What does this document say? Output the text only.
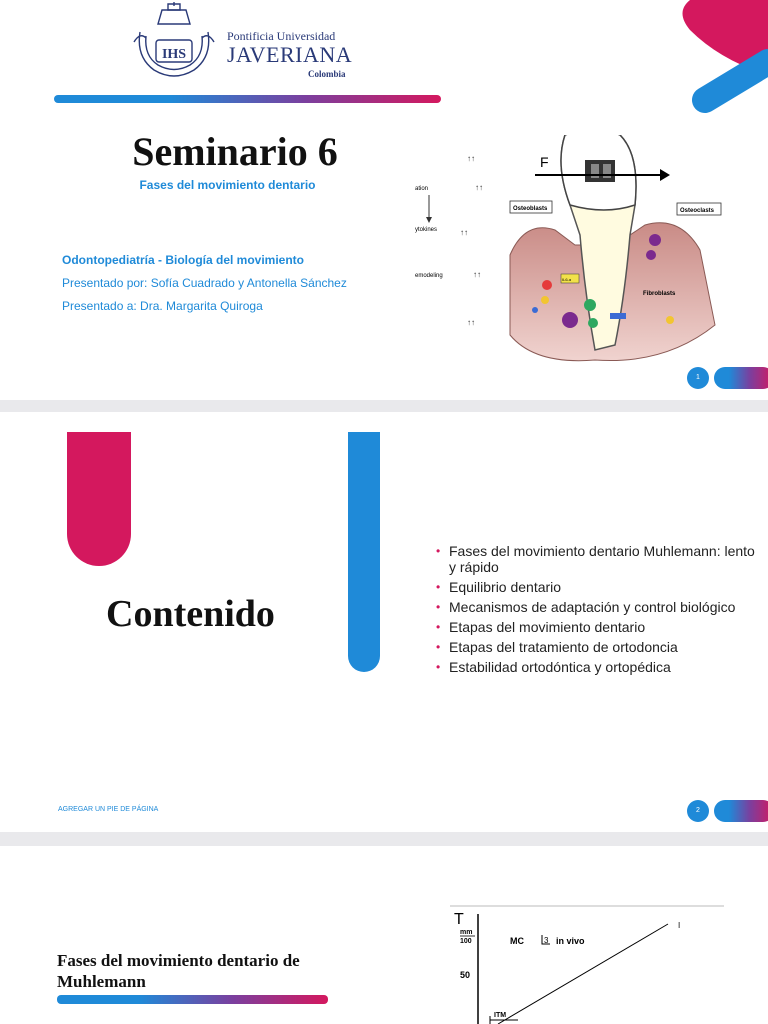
IHS
Pontificia Universidad
JAVERIANA
Colombia
Seminario 6
Fases del movimiento dentario
Odontopediatría - Biología del movimiento
Presentado por: Sofía Cuadrado y Antonella Sánchez
Presentado a: Dra. Margarita Quiroga
F
Osteoblasts	Osteoclasts
Fibroblasts
ation
ytokines
emodeling
↑↑
↑↑
↑↑
↑↑
↑↑
IL6-α
1
Contenido
• Fases del movimiento dentario Muhlemann: lento y rápido
• Equilibrio dentario
• Mecanismos de adaptación y control biológico
• Etapas del movimiento dentario
• Etapas del tratamiento de ortodoncia
• Estabilidad ortodóntica y ortopédica
AGREGAR UN PIE DE PÁGINA	2
Fases del movimiento dentario de Muhlemann
T
mm
100	MC	3 in vivo
50
ITM
I
